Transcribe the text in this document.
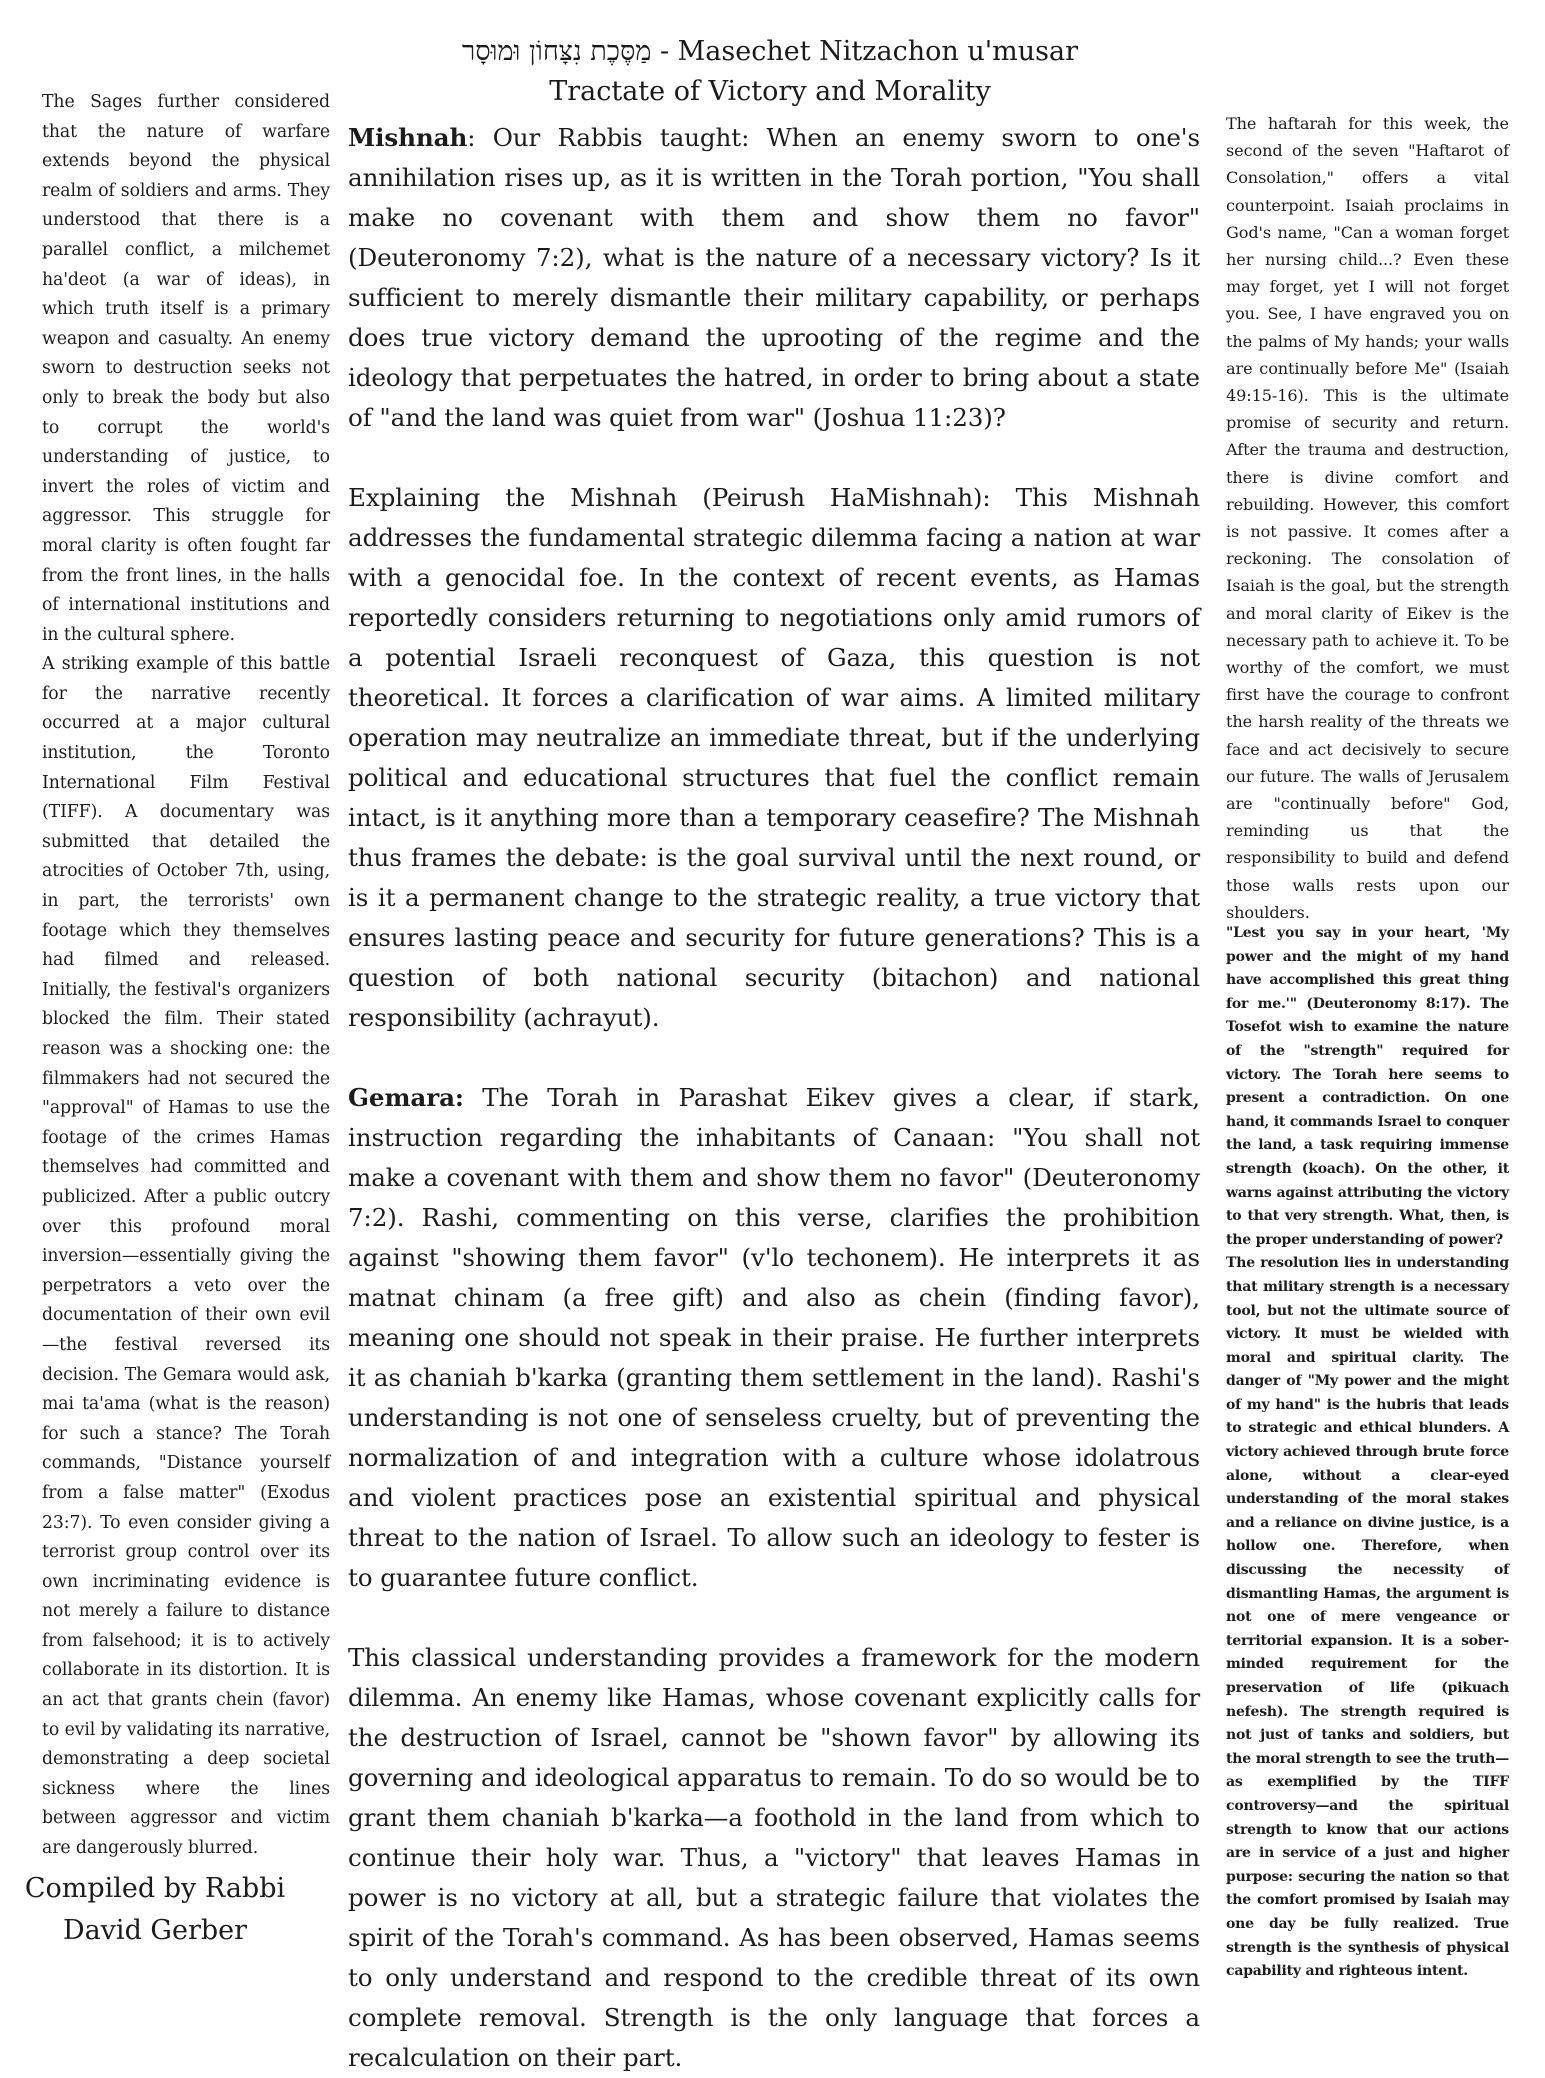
מַסֶּכֶת נִצָּחוֹן וּמוּסָר - Masechet Nitzachon u'musar
Tractate of Victory and Morality

The Sages further considered that the nature of warfare extends beyond the physical realm of soldiers and arms. They understood that there is a parallel conflict, a milchemet ha'deot (a war of ideas), in which truth itself is a primary weapon and casualty. An enemy sworn to destruction seeks not only to break the body but also to corrupt the world's understanding of justice, to invert the roles of victim and aggressor. This struggle for moral clarity is often fought far from the front lines, in the halls of international institutions and in the cultural sphere.

A striking example of this battle for the narrative recently occurred at a major cultural institution, the Toronto International Film Festival (TIFF). A documentary was submitted that detailed the atrocities of October 7th, using, in part, the terrorists' own footage which they themselves had filmed and released. Initially, the festival's organizers blocked the film. Their stated reason was a shocking one: the filmmakers had not secured the "approval" of Hamas to use the footage of the crimes Hamas themselves had committed and publicized. After a public outcry over this profound moral inversion—essentially giving the perpetrators a veto over the documentation of their own evil—the festival reversed its decision. The Gemara would ask, mai ta'ama (what is the reason) for such a stance? The Torah commands, "Distance yourself from a false matter" (Exodus 23:7). To even consider giving a terrorist group control over its own incriminating evidence is not merely a failure to distance from falsehood; it is to actively collaborate in its distortion. It is an act that grants chein (favor) to evil by validating its narrative, demonstrating a deep societal sickness where the lines between aggressor and victim are dangerously blurred.

Compiled by Rabbi
David Gerber

Mishnah: Our Rabbis taught: When an enemy sworn to one's annihilation rises up, as it is written in the Torah portion, "You shall make no covenant with them and show them no favor" (Deuteronomy 7:2), what is the nature of a necessary victory? Is it sufficient to merely dismantle their military capability, or perhaps does true victory demand the uprooting of the regime and the ideology that perpetuates the hatred, in order to bring about a state of "and the land was quiet from war" (Joshua 11:23)?

Explaining the Mishnah (Peirush HaMishnah): This Mishnah addresses the fundamental strategic dilemma facing a nation at war with a genocidal foe. In the context of recent events, as Hamas reportedly considers returning to negotiations only amid rumors of a potential Israeli reconquest of Gaza, this question is not theoretical. It forces a clarification of war aims. A limited military operation may neutralize an immediate threat, but if the underlying political and educational structures that fuel the conflict remain intact, is it anything more than a temporary ceasefire? The Mishnah thus frames the debate: is the goal survival until the next round, or is it a permanent change to the strategic reality, a true victory that ensures lasting peace and security for future generations? This is a question of both national security (bitachon) and national responsibility (achrayut).

Gemara: The Torah in Parashat Eikev gives a clear, if stark, instruction regarding the inhabitants of Canaan: "You shall not make a covenant with them and show them no favor" (Deuteronomy 7:2). Rashi, commenting on this verse, clarifies the prohibition against "showing them favor" (v'lo techonem). He interprets it as matnat chinam (a free gift) and also as chein (finding favor), meaning one should not speak in their praise. He further interprets it as chaniah b'karka (granting them settlement in the land). Rashi's understanding is not one of senseless cruelty, but of preventing the normalization of and integration with a culture whose idolatrous and violent practices pose an existential spiritual and physical threat to the nation of Israel. To allow such an ideology to fester is to guarantee future conflict.

This classical understanding provides a framework for the modern dilemma. An enemy like Hamas, whose covenant explicitly calls for the destruction of Israel, cannot be "shown favor" by allowing its governing and ideological apparatus to remain. To do so would be to grant them chaniah b'karka—a foothold in the land from which to continue their holy war. Thus, a "victory" that leaves Hamas in power is no victory at all, but a strategic failure that violates the spirit of the Torah's command. As has been observed, Hamas seems to only understand and respond to the credible threat of its own complete removal. Strength is the only language that forces a recalculation on their part.

The haftarah for this week, the second of the seven "Haftarot of Consolation," offers a vital counterpoint. Isaiah proclaims in God's name, "Can a woman forget her nursing child...? Even these may forget, yet I will not forget you. See, I have engraved you on the palms of My hands; your walls are continually before Me" (Isaiah 49:15-16). This is the ultimate promise of security and return. After the trauma and destruction, there is divine comfort and rebuilding. However, this comfort is not passive. It comes after a reckoning. The consolation of Isaiah is the goal, but the strength and moral clarity of Eikev is the necessary path to achieve it. To be worthy of the comfort, we must first have the courage to confront the harsh reality of the threats we face and act decisively to secure our future. The walls of Jerusalem are "continually before" God, reminding us that the responsibility to build and defend those walls rests upon our shoulders.

"Lest you say in your heart, 'My power and the might of my hand have accomplished this great thing for me.'" (Deuteronomy 8:17). The Tosefot wish to examine the nature of the "strength" required for victory. The Torah here seems to present a contradiction. On one hand, it commands Israel to conquer the land, a task requiring immense strength (koach). On the other, it warns against attributing the victory to that very strength. What, then, is the proper understanding of power?

The resolution lies in understanding that military strength is a necessary tool, but not the ultimate source of victory. It must be wielded with moral and spiritual clarity. The danger of "My power and the might of my hand" is the hubris that leads to strategic and ethical blunders. A victory achieved through brute force alone, without a clear-eyed understanding of the moral stakes and a reliance on divine justice, is a hollow one. Therefore, when discussing the necessity of dismantling Hamas, the argument is not one of mere vengeance or territorial expansion. It is a sober-minded requirement for the preservation of life (pikuach nefesh). The strength required is not just of tanks and soldiers, but the moral strength to see the truth—as exemplified by the TIFF controversy—and the spiritual strength to know that our actions are in service of a just and higher purpose: securing the nation so that the comfort promised by Isaiah may one day be fully realized. True strength is the synthesis of physical capability and righteous intent.
